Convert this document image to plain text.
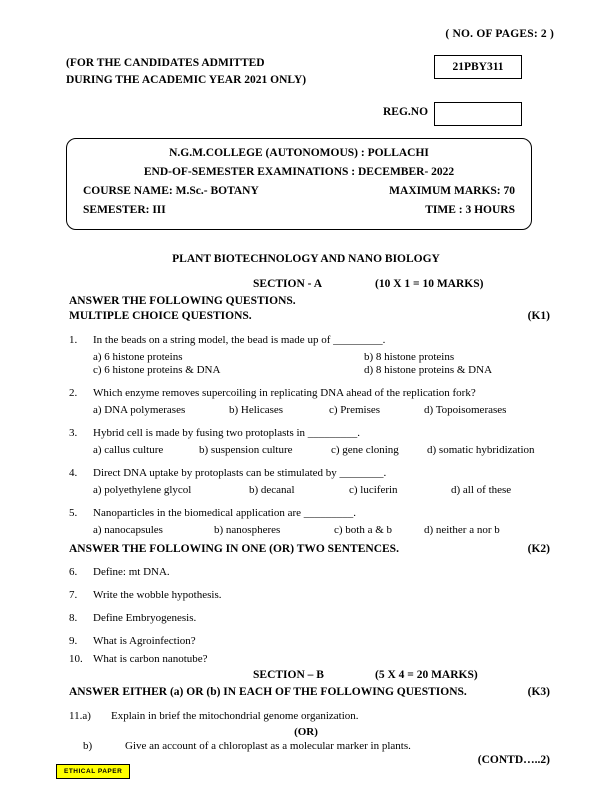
( NO. OF PAGES: 2 )
(FOR THE CANDIDATES ADMITTED
DURING THE ACADEMIC YEAR 2021 ONLY)
21PBY311
REG.NO
N.G.M.COLLEGE (AUTONOMOUS) : POLLACHI
END-OF-SEMESTER EXAMINATIONS : DECEMBER- 2022
COURSE NAME: M.Sc.- BOTANY	MAXIMUM MARKS: 70
SEMESTER: III	TIME : 3 HOURS
PLANT BIOTECHNOLOGY AND NANO BIOLOGY
SECTION - A	(10 X 1 = 10 MARKS)
ANSWER THE FOLLOWING QUESTIONS.
MULTIPLE CHOICE QUESTIONS.	(K1)
1.	In the beads on a string model, the bead is made up of _________.
a) 6 histone proteins	b) 8 histone proteins
c) 6 histone proteins & DNA	d) 8 histone proteins & DNA
2.	Which enzyme removes supercoiling in replicating DNA ahead of the replication fork?
a) DNA polymerases	b) Helicases	c) Premises	d) Topoisomerases
3.	Hybrid cell is made by fusing two protoplasts in _________.
a) callus culture	b) suspension culture	c) gene cloning	d) somatic hybridization
4.	Direct DNA uptake by protoplasts can be stimulated by ________.
a) polyethylene glycol	b) decanal	c) luciferin	d) all of these
5.	Nanoparticles in the biomedical application are _________.
a) nanocapsules	b) nanospheres	c) both a & b	d) neither a nor b
ANSWER THE FOLLOWING IN ONE (OR) TWO SENTENCES.	(K2)
6.	Define: mt DNA.
7.	Write the wobble hypothesis.
8.	Define Embryogenesis.
9.	What is Agroinfection?
10. What is carbon nanotube?
SECTION – B	(5 X 4 = 20 MARKS)
ANSWER EITHER (a) OR (b) IN EACH OF THE FOLLOWING QUESTIONS.	(K3)
11.a) Explain in brief the mitochondrial genome organization.
(OR)
b)	Give an account of a chloroplast as a molecular marker in plants.
(CONTD…..2)
ETHICAL PAPER
